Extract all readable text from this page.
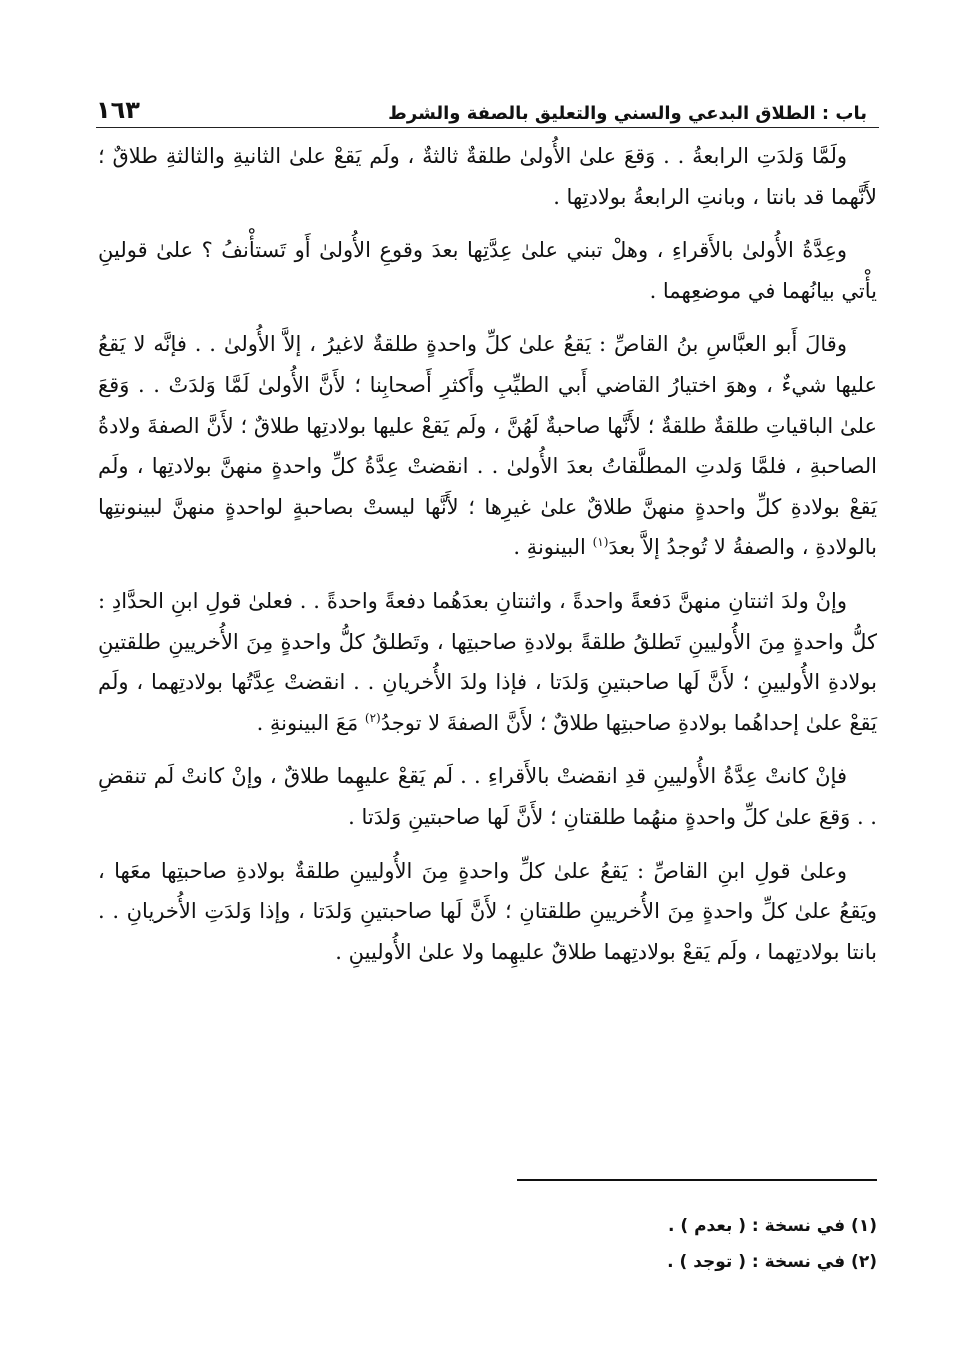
باب : الطلاق البدعي والسني والتعليق بالصفة والشرط
١٦٣

ولَمَّا وَلدَتِ الرابعةُ . . وَقعَ علىٰ الأُولىٰ طلقةٌ ثالثةٌ ، ولَم يَقعْ علىٰ الثانيةِ والثالثةِ طلاقٌ ؛ لأَنَّهما قد بانتا ، وبانتِ الرابعةُ بولادتِها .

وعِدَّةُ الأُولىٰ بالأَقراءِ ، وهلْ تبني علىٰ عِدَّتِها بعدَ وقوعِ الأُولىٰ أَو تَستأْنفُ ؟ علىٰ قولينِ يأْتي بيانُهما في موضعِهما .

وقالَ أَبو العبَّاسِ بنُ القاصِّ : يَقعُ علىٰ كلِّ واحدةٍ طلقةٌ لاغيرُ ، إلاَّ الأُولىٰ . . فإنَّه لا يَقعُ عليها شيءٌ ، وهوَ اختيارُ القاضي أَبي الطيِّبِ وأَكثرِ أَصحابِنا ؛ لأَنَّ الأُولىٰ لَمَّا وَلدَتْ . . وَقعَ علىٰ الباقياتِ طلقةٌ طلقةٌ ؛ لأَنَّها صاحبةٌ لَهُنَّ ، ولَم يَقعْ عليها بولادتِها طلاقٌ ؛ لأَنَّ الصفةَ ولادةُ الصاحبةِ ، فلمَّا وَلدتِ المطلَّقاتُ بعدَ الأُولىٰ . . انقضتْ عِدَّةُ كلِّ واحدةٍ منهنَّ بولادتِها ، ولَم يَقعْ بولادةِ كلِّ واحدةٍ منهنَّ طلاقٌ علىٰ غيرِها ؛ لأَنَّها ليستْ بصاحبةٍ لواحدةٍ منهنَّ لبينونتِها بالولادةِ ، والصفةُ لا تُوجدُ إلاَّ بعدَ$^{(١)}$ البينونةِ .

وإنْ ولدَ اثنتانِ منهنَّ دَفعةً واحدةً ، واثنتانِ بعدَهُما دفعةً واحدةً . . فعلىٰ قولِ ابنِ الحدَّادِ : كلُّ واحدةٍ مِنَ الأُوليينِ تَطلقُ طلقةً بولادةِ صاحبتِها ، وتَطلقُ كلُّ واحدةٍ مِنَ الأُخريينِ طلقتينِ بولادةِ الأُوليينِ ؛ لأَنَّ لَها صاحبتينِ وَلدَتا ، فإذا ولدَ الأُخريانِ . . انقضتْ عِدَّتُها بولادتِهما ، ولَم يَقعْ علىٰ إحداهُما بولادةِ صاحبتِها طلاقٌ ؛ لأَنَّ الصفةَ لا توجدُ$^{(٢)}$ مَعَ البينونةِ .

فإنْ كانتْ عِدَّةُ الأُوليينِ قدِ انقضتْ بالأَقراءِ . . لَم يَقعْ عليهِما طلاقٌ ، وإنْ كانتْ لَم تنقضِ . . وَقعَ علىٰ كلِّ واحدةٍ منهُما طلقتانِ ؛ لأَنَّ لَها صاحبتينِ وَلدَتا .

وعلىٰ قولِ ابنِ القاصِّ : يَقعُ علىٰ كلِّ واحدةٍ مِنَ الأُوليينِ طلقةٌ بولادةِ صاحبتِها معَها ، ويَقعُ علىٰ كلِّ واحدةٍ مِنَ الأُخريينِ طلقتانِ ؛ لأَنَّ لَها صاحبتينِ وَلدَتا ، وإذا وَلدَتِ الأُخريانِ . . بانتا بولادتِهما ، ولَم يَقعْ بولادتِهما طلاقٌ عليهِما ولا علىٰ الأُوليينِ .

(١) في نسخة : ( بعدم ) .
(٢) في نسخة : ( توجد ) .
